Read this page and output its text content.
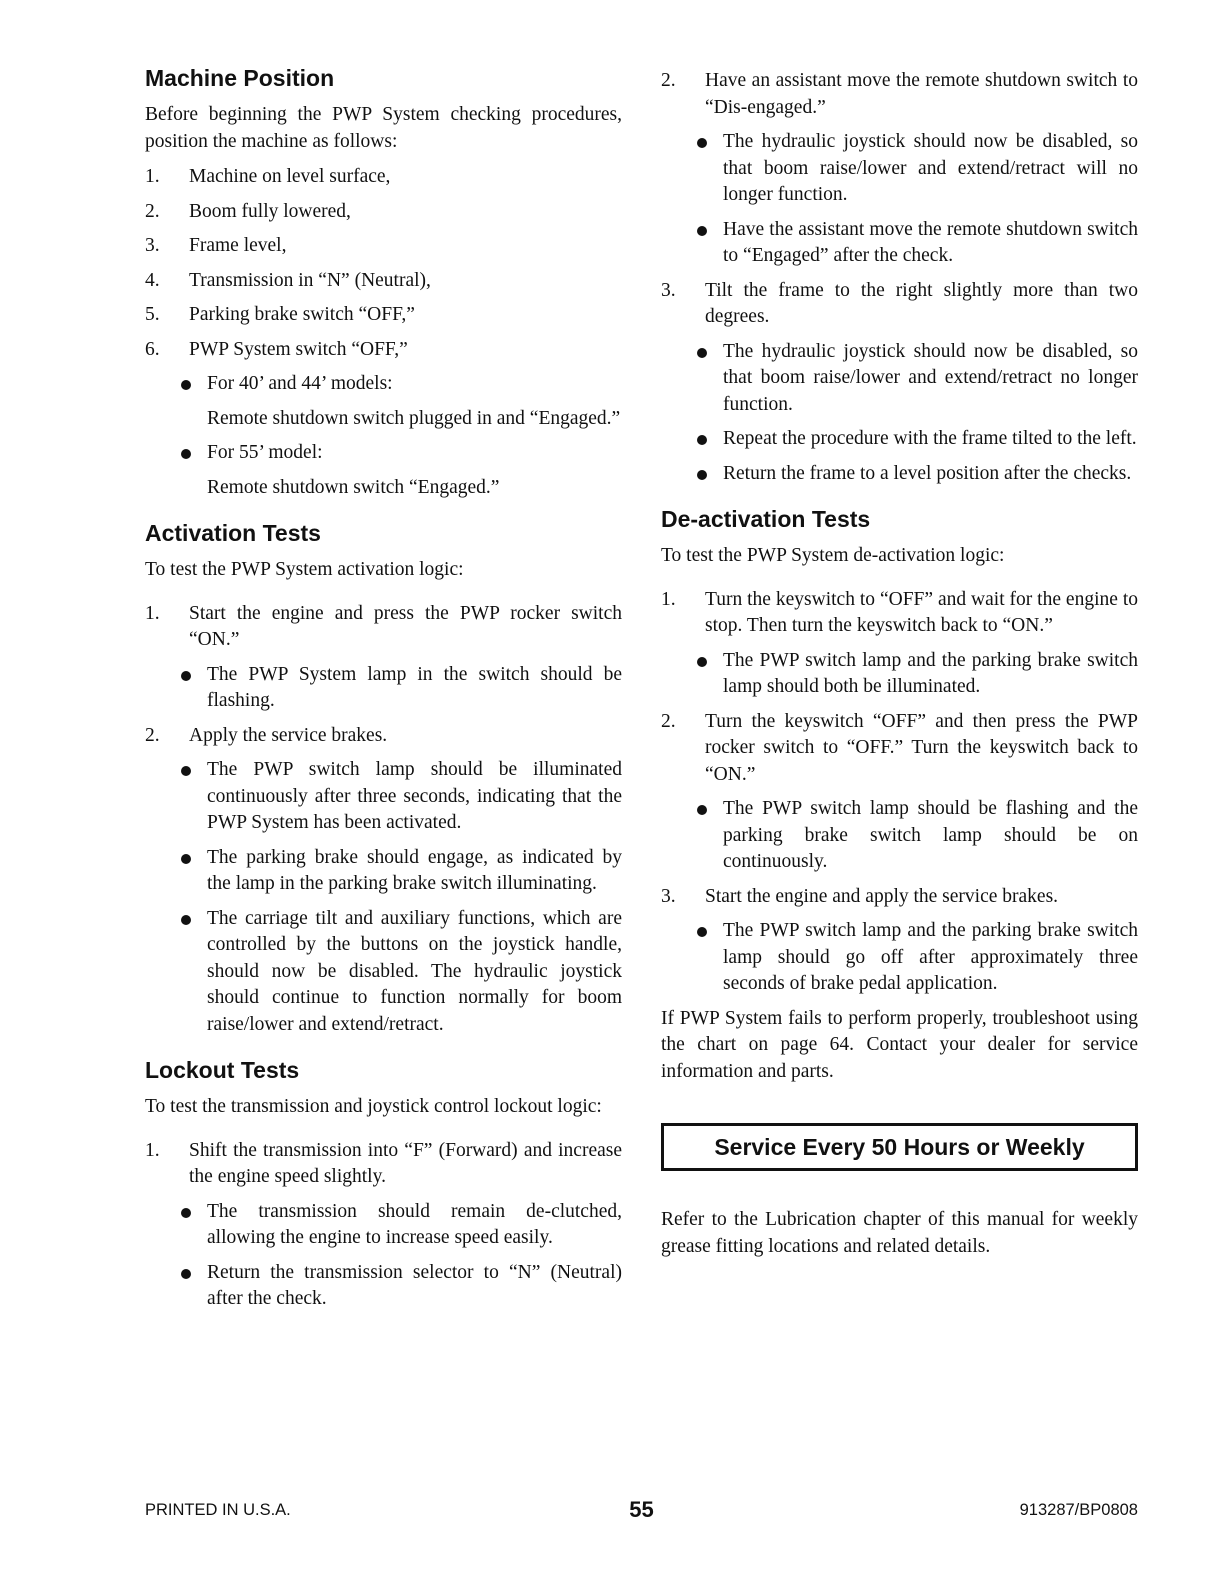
Machine Position

Before beginning the PWP System checking procedures, position the machine as follows:

1. Machine on level surface,
2. Boom fully lowered,
3. Frame level,
4. Transmission in “N” (Neutral),
5. Parking brake switch “OFF,”
6. PWP System switch “OFF,”
For 40’ and 44’ models:
Remote shutdown switch plugged in and “Engaged.”
For 55’ model:
Remote shutdown switch “Engaged.”
Activation Tests

To test the PWP System activation logic:

1. Start the engine and press the PWP rocker switch “ON.”
The PWP System lamp in the switch should be flashing.
2. Apply the service brakes.
The PWP switch lamp should be illuminated continuously after three seconds, indicating that the PWP System has been activated.
The parking brake should engage, as indicated by the lamp in the parking brake switch illuminating.
The carriage tilt and auxiliary functions, which are controlled by the buttons on the joystick handle, should now be disabled. The hydraulic joystick should continue to function normally for boom raise/lower and extend/retract.
Lockout Tests

To test the transmission and joystick control lockout logic:

1. Shift the transmission into “F” (Forward) and increase the engine speed slightly.
The transmission should remain de-clutched, allowing the engine to increase speed easily.
Return the transmission selector to “N” (Neutral) after the check.
2. Have an assistant move the remote shutdown switch to “Dis-engaged.”
The hydraulic joystick should now be disabled, so that boom raise/lower and extend/retract will no longer function.
Have the assistant move the remote shutdown switch to “Engaged” after the check.
3. Tilt the frame to the right slightly more than two degrees.
The hydraulic joystick should now be disabled, so that boom raise/lower and extend/retract no longer function.
Repeat the procedure with the frame tilted to the left.
Return the frame to a level position after the checks.
De-activation Tests

To test the PWP System de-activation logic:

1. Turn the keyswitch to “OFF” and wait for the engine to stop. Then turn the keyswitch back to “ON.”
The PWP switch lamp and the parking brake switch lamp should both be illuminated.
2. Turn the keyswitch “OFF” and then press the PWP rocker switch to “OFF.” Turn the keyswitch back to “ON.”
The PWP switch lamp should be flashing and the parking brake switch lamp should be on continuously.
3. Start the engine and apply the service brakes.
The PWP switch lamp and the parking brake switch lamp should go off after approximately three seconds of brake pedal application.

If PWP System fails to perform properly, troubleshoot using the chart on page 64. Contact your dealer for service information and parts.

Service Every 50 Hours or Weekly

Refer to the Lubrication chapter of this manual for weekly grease fitting locations and related details.

PRINTED IN U.S.A.	55	913287/BP0808
